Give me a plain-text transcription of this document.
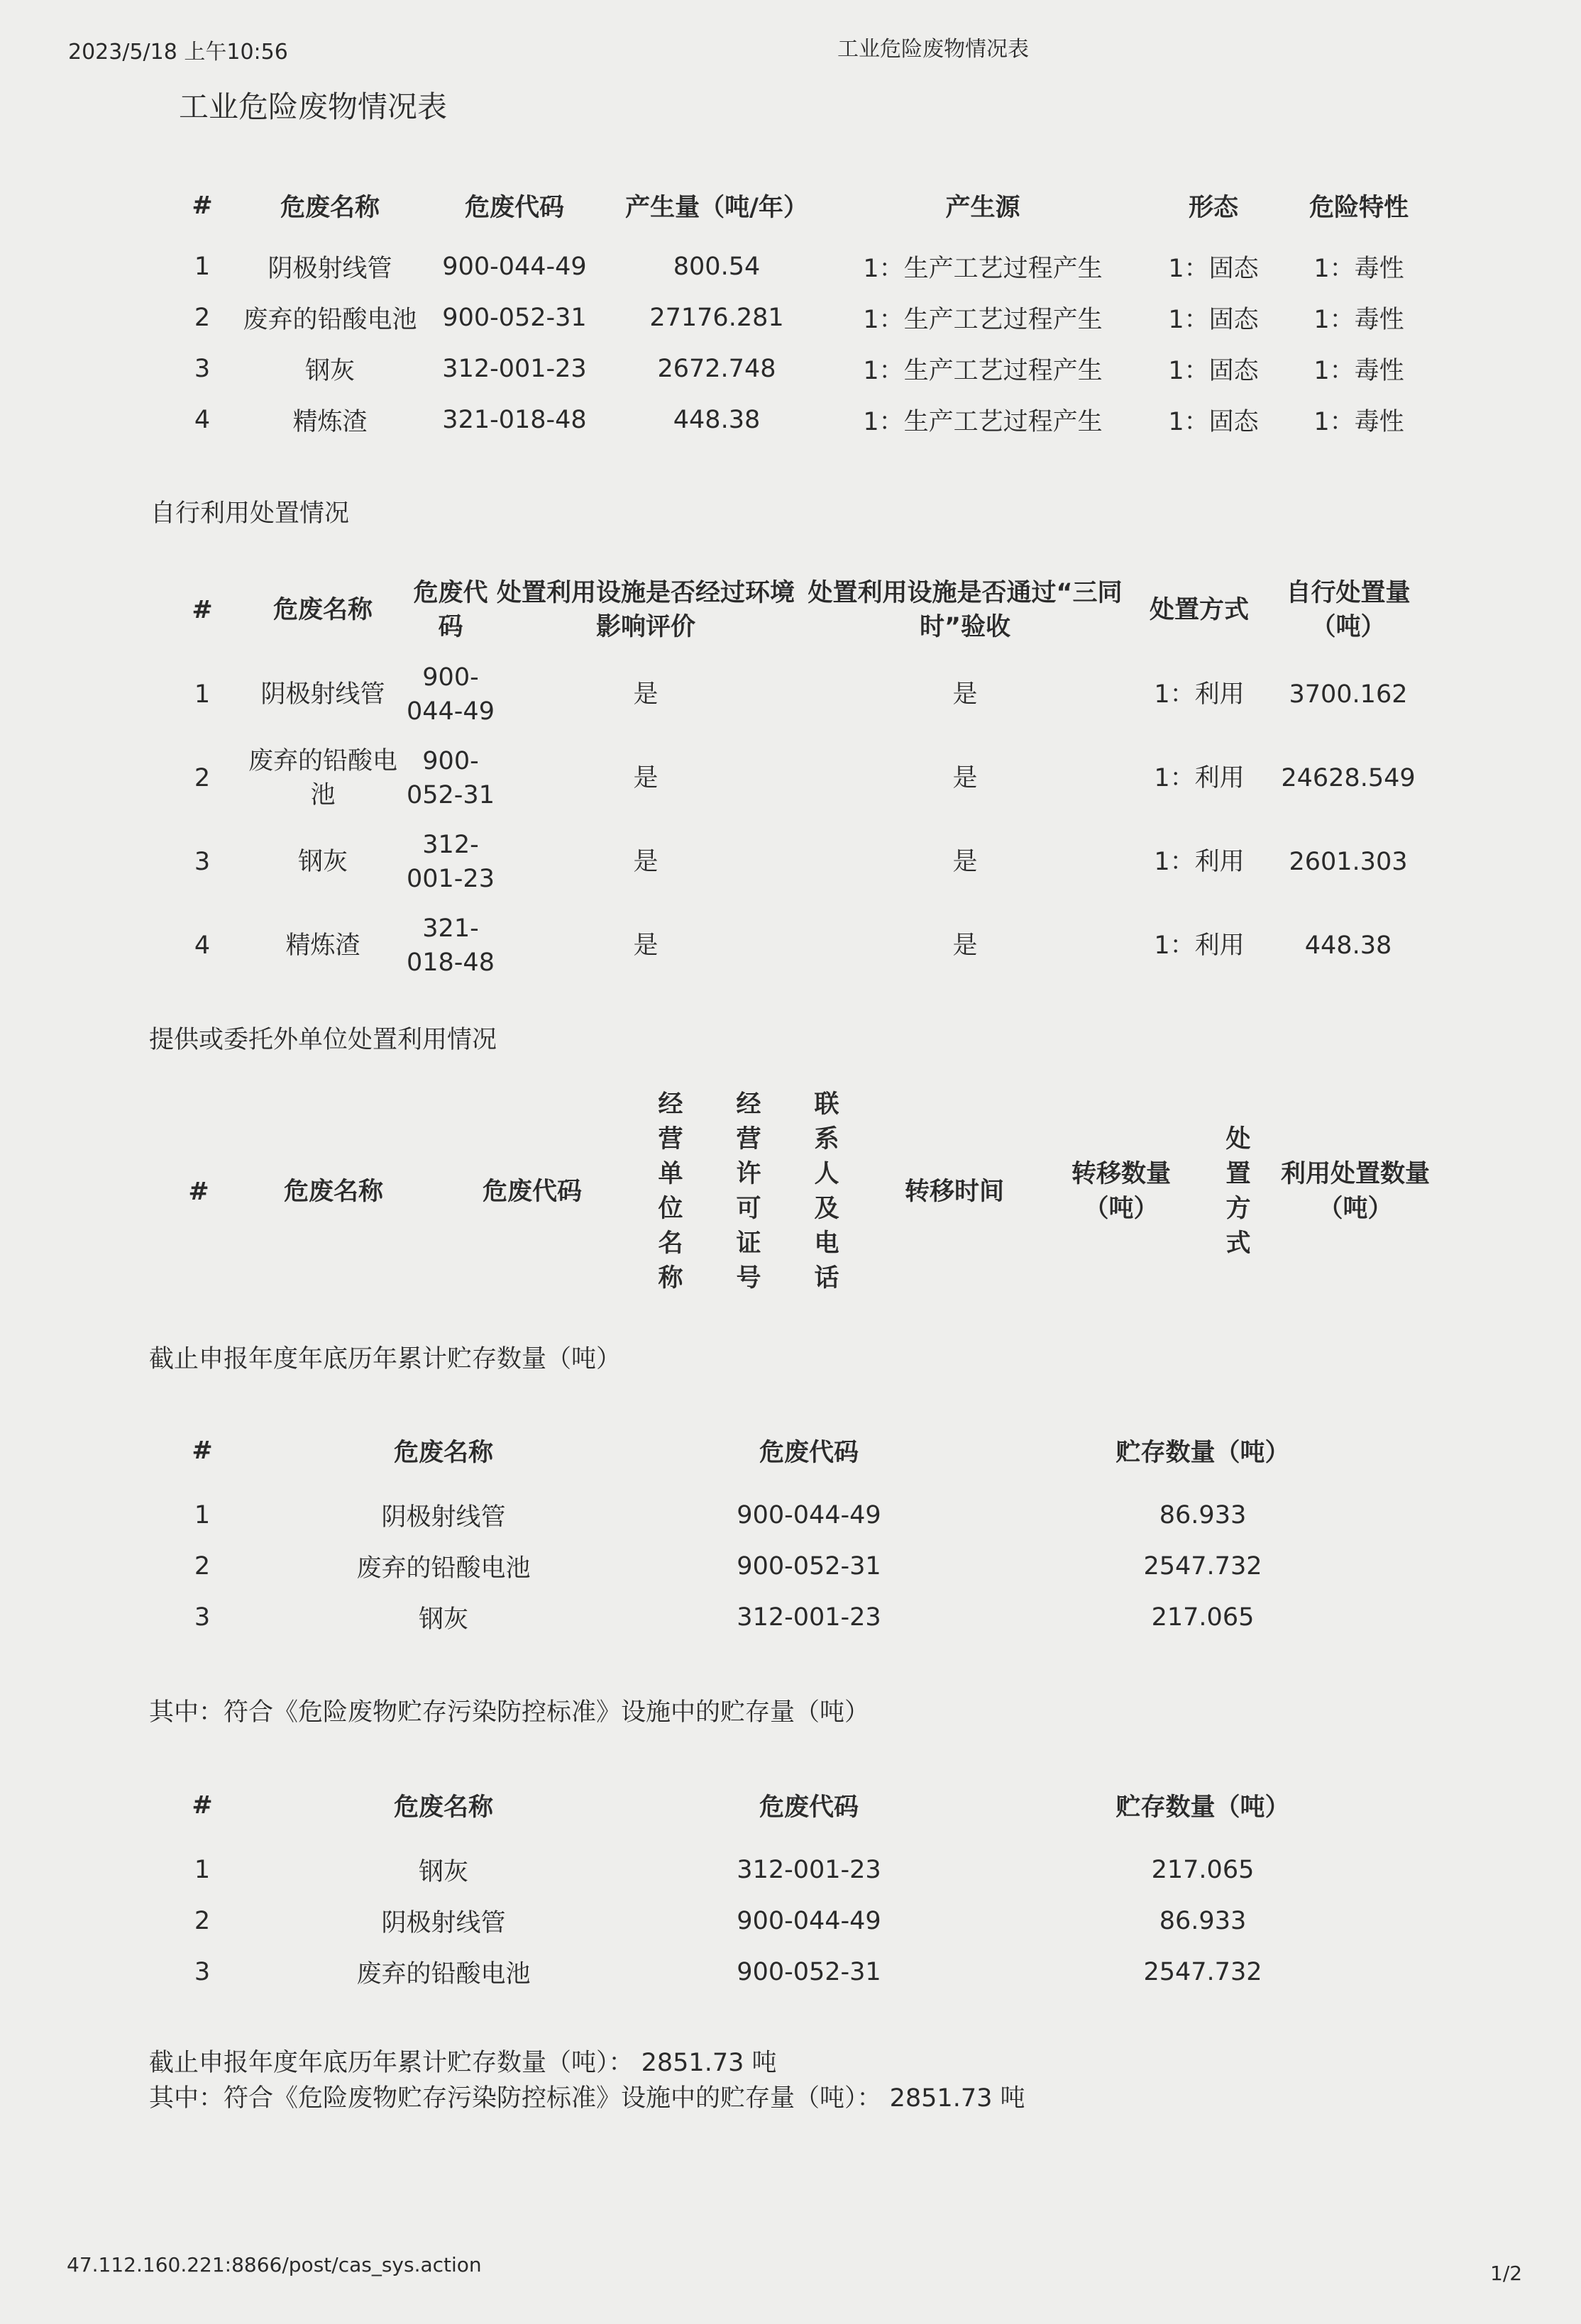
2023/5/18 上午10:56	工业危险废物情况表
工业危险废物情况表
#	危废名称	危废代码	产生量（吨/年）	产生源	形态	危险特性
1	阴极射线管	900-044-49	800.54	1：生产工艺过程产生	1：固态	1：毒性
2	废弃的铅酸电池	900-052-31	27176.281	1：生产工艺过程产生	1：固态	1：毒性
3	钢灰	312-001-23	2672.748	1：生产工艺过程产生	1：固态	1：毒性
4	精炼渣	321-018-48	448.38	1：生产工艺过程产生	1：固态	1：毒性
自行利用处置情况
#	危废名称	危废代码	处置利用设施是否经过环境影响评价	处置利用设施是否通过“三同时”验收	处置方式	自行处置量（吨）
1	阴极射线管	900-044-49	是	是	1：利用	3700.162
2	废弃的铅酸电池	900-052-31	是	是	1：利用	24628.549
3	钢灰	312-001-23	是	是	1：利用	2601.303
4	精炼渣	321-018-48	是	是	1：利用	448.38
提供或委托外单位处置利用情况
#	危废名称	危废代码	经营单位名称	经营许可证号	联系人及电话	转移时间	转移数量（吨）	处置方式	利用处置数量（吨）
截止申报年度年底历年累计贮存数量（吨）
#	危废名称	危废代码	贮存数量（吨）
1	阴极射线管	900-044-49	86.933
2	废弃的铅酸电池	900-052-31	2547.732
3	钢灰	312-001-23	217.065
其中：符合《危险废物贮存污染防控标准》设施中的贮存量（吨）
#	危废名称	危废代码	贮存数量（吨）
1	钢灰	312-001-23	217.065
2	阴极射线管	900-044-49	86.933
3	废弃的铅酸电池	900-052-31	2547.732
截止申报年度年底历年累计贮存数量（吨）： 2851.73 吨
其中：符合《危险废物贮存污染防控标准》设施中的贮存量（吨）： 2851.73 吨
47.112.160.221:8866/post/cas_sys.action	1/2
